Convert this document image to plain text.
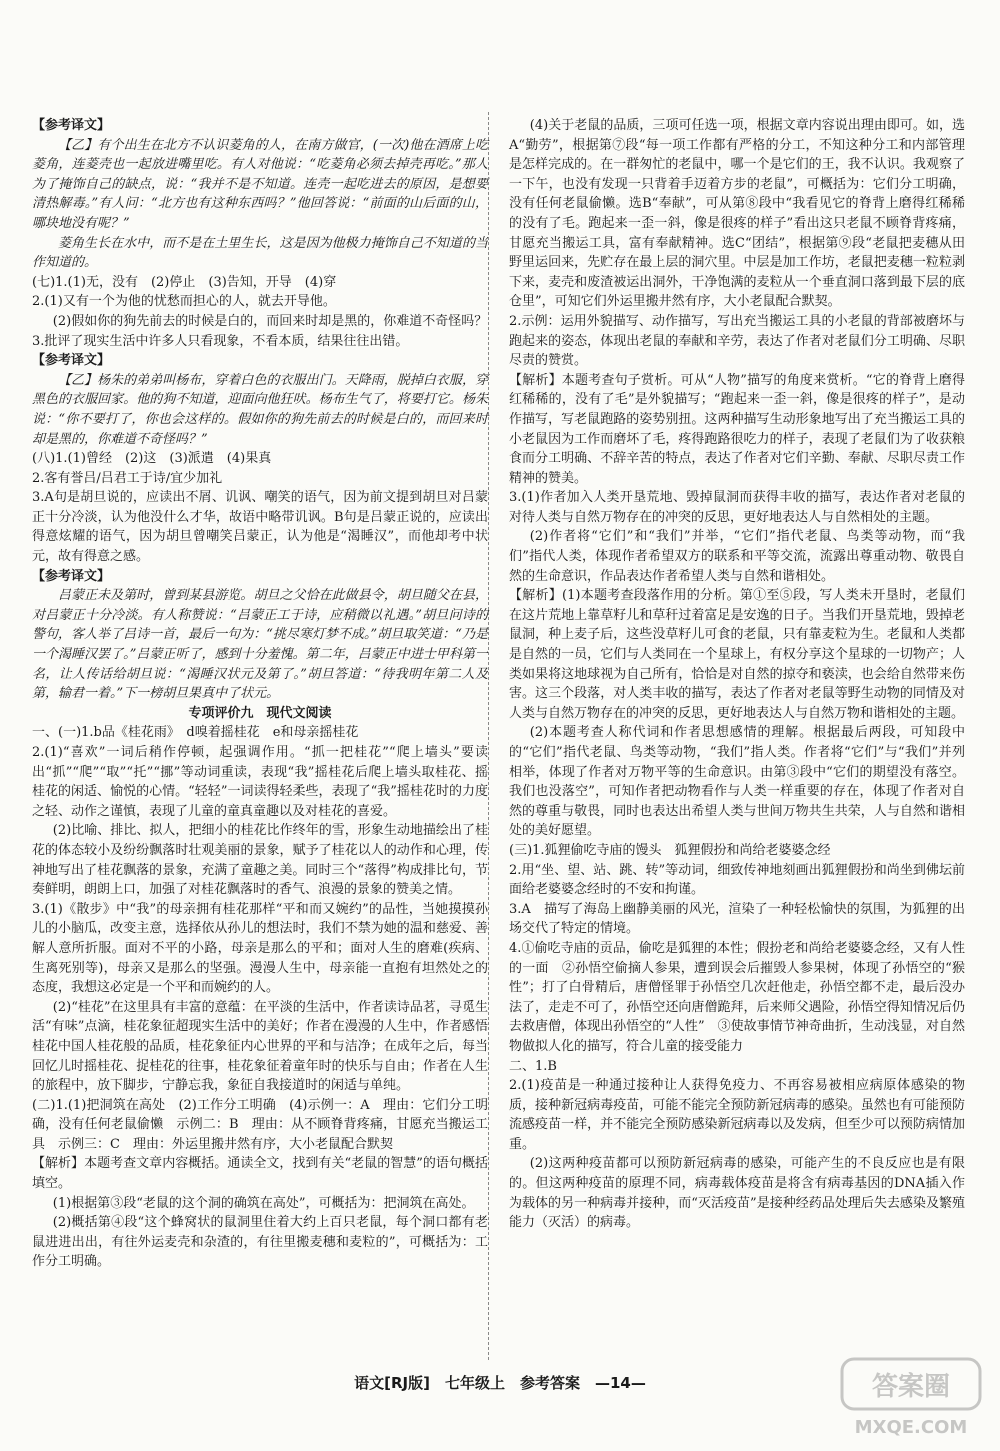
【参考译文】

【乙】有个出生在北方不认识菱角的人，在南方做官，(一次)他在酒席上吃菱角，连菱壳也一起放进嘴里吃。有人对他说：“吃菱角必须去掉壳再吃。”那人为了掩饰自己的缺点，说：“我并不是不知道。连壳一起吃进去的原因，是想要清热解毒。”有人问：“北方也有这种东西吗？”他回答说：“前面的山后面的山，哪块地没有呢？”

菱角生长在水中，而不是在土里生长，这是因为他极力掩饰自己不知道的当作知道的。

(七)1.(1)无，没有　(2)停止　(3)告知，开导　(4)穿

2.(1)又有一个为他的忧愁而担心的人，就去开导他。

(2)假如你的狗先前去的时候是白的，而回来时却是黑的，你难道不奇怪吗？

3.批评了现实生活中许多人只看现象，不看本质，结果往往出错。

【参考译文】

【乙】杨朱的弟弟叫杨布，穿着白色的衣服出门。天降雨，脱掉白衣服，穿黑色的衣服回家。他的狗不知道，迎面向他狂吠。杨布生气了，将要打它。杨朱说：“你不要打了，你也会这样的。假如你的狗先前去的时候是白的，而回来时却是黑的，你难道不奇怪吗？”

(八)1.(1)曾经　(2)这　(3)派遣　(4)果真

2.客有誉吕/吕君工于诗/宜少加礼

3.A句是胡旦说的，应读出不屑、讥讽、嘲笑的语气，因为前文提到胡旦对吕蒙正十分冷淡，认为他没什么才华，故语中略带讥讽。B句是吕蒙正说的，应读出得意炫耀的语气，因为胡旦曾嘲笑吕蒙正，认为他是“渴睡汉”，而他却考中状元，故有得意之感。

【参考译文】

吕蒙正未及第时，曾到某县游览。胡旦之父恰在此做县令，胡旦随父在县，对吕蒙正十分冷淡。有人称赞说：“吕蒙正工于诗，应稍微以礼遇。”胡旦问诗的警句，客人举了吕诗一首，最后一句为：“挑尽寒灯梦不成。”胡旦取笑道：“乃是一个渴睡汉罢了。”吕蒙正听了，感到十分羞愧。第二年，吕蒙正中进士甲科第一名，让人传话给胡旦说：“渴睡汉状元及第了。”胡旦答道：“待我明年第二人及第，输君一着。”下一榜胡旦果真中了状元。

专项评价九　现代文阅读

一、(一)1.b品《桂花雨》　d嗅着摇桂花　e和母亲摇桂花

2.(1)“喜欢”一词后稍作停顿，起强调作用。“抓一把桂花”“爬上墙头”要读出“抓”“爬”“取”“托”“挪”等动词重读，表现“我”摇桂花后爬上墙头取桂花、摇桂花的闲适、愉悦的心情。“轻轻”一词读得轻柔些，表现了“我”摇桂花时的力度之轻、动作之谨慎，表现了儿童的童真童趣以及对桂花的喜爱。

(2)比喻、排比、拟人，把细小的桂花比作终年的雪，形象生动地描绘出了桂花的体态较小及纷纷飘落时壮观美丽的景象，赋予了桂花以人的动作和心理，传神地写出了桂花飘落的景象，充满了童趣之美。同时三个“落得”构成排比句，节奏鲜明，朗朗上口，加强了对桂花飘落时的香气、浪漫的景象的赞美之情。

3.(1)《散步》中“我”的母亲拥有桂花那样“平和而又婉约”的品性，当她摸摸孙儿的小脑瓜，改变主意，选择依从孙儿的想法时，我们不禁为她的温和慈爱、善解人意所折服。面对不平的小路，母亲是那么的平和；面对人生的磨难(疾病、生离死别等)，母亲又是那么的坚强。漫漫人生中，母亲能一直抱有坦然处之的态度，我想这必定是一个平和而婉约的人。

(2)“桂花”在这里具有丰富的意蕴：在平淡的生活中，作者读诗品茗，寻觅生活“有味”点滴，桂花象征超现实生活中的美好；作者在漫漫的人生中，作者感悟桂花中国人桂花般的品质，桂花象征内心世界的平和与洁净；在成年之后，每当回忆儿时摇桂花、捉桂花的往事，桂花象征着童年时的快乐与自由；作者在人生的旅程中，放下脚步，宁静忘我，象征自我接道时的闲适与单纯。

(二)1.(1)把洞筑在高处　(2)工作分工明确　(4)示例一：A　理由：它们分工明确，没有任何老鼠偷懒　示例二：B　理由：从不顾脊背疼痛，甘愿充当搬运工具　示例三：C　理由：外运里搬井然有序，大小老鼠配合默契

【解析】本题考查文章内容概括。通读全文，找到有关“老鼠的智慧”的语句概括填空。

(1)根据第③段“老鼠的这个洞的确筑在高处”，可概括为：把洞筑在高处。

(2)概括第④段“这个蜂窝状的鼠洞里住着大约上百只老鼠，每个洞口都有老鼠进进出出，有往外运麦壳和杂渣的，有往里搬麦穗和麦粒的”，可概括为：工作分工明确。

(4)关于老鼠的品质，三项可任选一项，根据文章内容说出理由即可。如，选A“勤劳”，根据第⑦段“每一项工作都有严格的分工，不知这种分工和内部管理是怎样完成的。在一群匆忙的老鼠中，哪一个是它们的王，我不认识。我观察了一下午，也没有发现一只背着手迈着方步的老鼠”，可概括为：它们分工明确，没有任何老鼠偷懒。选B“奉献”，可从第⑧段中“我看见它的脊背上磨得红稀稀的没有了毛。跑起来一歪一斜，像是很疼的样子”看出这只老鼠不顾脊背疼痛，甘愿充当搬运工具，富有奉献精神。选C“团结”，根据第⑨段“老鼠把麦穗从田野里运回来，先贮存在最上层的洞穴里。中层是加工作坊，老鼠把麦穗一粒粒剥下来，麦壳和废渣被运出洞外，干净饱满的麦粒从一个垂直洞口落到最下层的底仓里”，可知它们外运里搬井然有序，大小老鼠配合默契。

2.示例：运用外貌描写、动作描写，写出充当搬运工具的小老鼠的背部被磨坏与跑起来的姿态，体现出老鼠的奉献和辛劳，表达了作者对老鼠们分工明确、尽职尽责的赞赏。

【解析】本题考查句子赏析。可从“人物”描写的角度来赏析。“它的脊背上磨得红稀稀的，没有了毛”是外貌描写；“跑起来一歪一斜，像是很疼的样子”，是动作描写，写老鼠跑路的姿势别扭。这两种描写生动形象地写出了充当搬运工具的小老鼠因为工作而磨坏了毛，疼得跑路很吃力的样子，表现了老鼠们为了收获粮食而分工明确、不辞辛苦的特点，表达了作者对它们辛勤、奉献、尽职尽责工作精神的赞美。

3.(1)作者加入人类开垦荒地、毁掉鼠洞而获得丰收的描写，表达作者对老鼠的对待人类与自然万物存在的冲突的反思，更好地表达人与自然相处的主题。

(2)作者将“它们”和“我们”并举，“它们”指代老鼠、鸟类等动物，而“我们”指代人类，体现作者希望双方的联系和平等交流，流露出尊重动物、敬畏自然的生命意识，作品表达作者希望人类与自然和谐相处。

【解析】(1)本题考查段落作用的分析。第①至⑤段，写人类未开垦时，老鼠们在这片荒地上靠草籽儿和草秆过着富足是安逸的日子。当我们开垦荒地，毁掉老鼠洞，种上麦子后，这些没草籽儿可食的老鼠，只有靠麦粒为生。老鼠和人类都是自然的一员，它们与人类同在一个星球上，有权分享这个星球的一切物产；人类如果将这地球视为自己所有，恰恰是对自然的掠夺和亵渎，也会给自然带来伤害。这三个段落，对人类丰收的描写，表达了作者对老鼠等野生动物的同情及对人类与自然万物存在的冲突的反思，更好地表达人与自然万物和谐相处的主题。

(2)本题考查人称代词和作者思想感情的理解。根据最后两段，可知段中的“它们”指代老鼠、鸟类等动物，“我们”指人类。作者将“它们”与“我们”并列相举，体现了作者对万物平等的生命意识。由第③段中“它们的期望没有落空。我们也没落空”，可知作者把动物看作与人类一样重要的存在，体现了作者对自然的尊重与敬畏，同时也表达出希望人类与世间万物共生共荣，人与自然和谐相处的美好愿望。

(三)1.狐狸偷吃寺庙的馒头　狐狸假扮和尚给老婆婆念经

2.用“坐、望、站、跳、转”等动词，细致传神地刻画出狐狸假扮和尚坐到佛坛前面给老婆婆念经时的不安和拘谨。

3.A　描写了海岛上幽静美丽的风光，渲染了一种轻松愉快的氛围，为狐狸的出场交代了特定的情境。

4.①偷吃寺庙的贡品，偷吃是狐狸的本性；假扮老和尚给老婆婆念经，又有人性的一面　②孙悟空偷摘人参果，遭到误会后摧毁人参果树，体现了孙悟空的“猴性”；打了白骨精后，唐僧怪罪于孙悟空几次赶他走，孙悟空都不走，最后没办法了，走走不可了，孙悟空还向唐僧跪拜，后来师父遇险，孙悟空得知情况后仍去救唐僧，体现出孙悟空的“人性”　③使故事情节神奇曲折，生动浅显，对自然物做拟人化的描写，符合儿童的接受能力

二、1.B

2.(1)疫苗是一种通过接种让人获得免疫力、不再容易被相应病原体感染的物质，接种新冠病毒疫苗，可能不能完全预防新冠病毒的感染。虽然也有可能预防流感疫苗一样，并不能完全预防感染新冠病毒以及发病，但至少可以预防病情加重。

(2)这两种疫苗都可以预防新冠病毒的感染，可能产生的不良反应也是有限的。但这两种疫苗的原理不同，病毒载体疫苗是将含有病毒基因的DNA插入作为载体的另一种病毒并接种，而“灭活疫苗”是接种经药品处理后失去感染及繁殖能力（灭活）的病毒。

语文[RJ版]　七年级上　参考答案　—14—	答案圈
MXQE.COM
